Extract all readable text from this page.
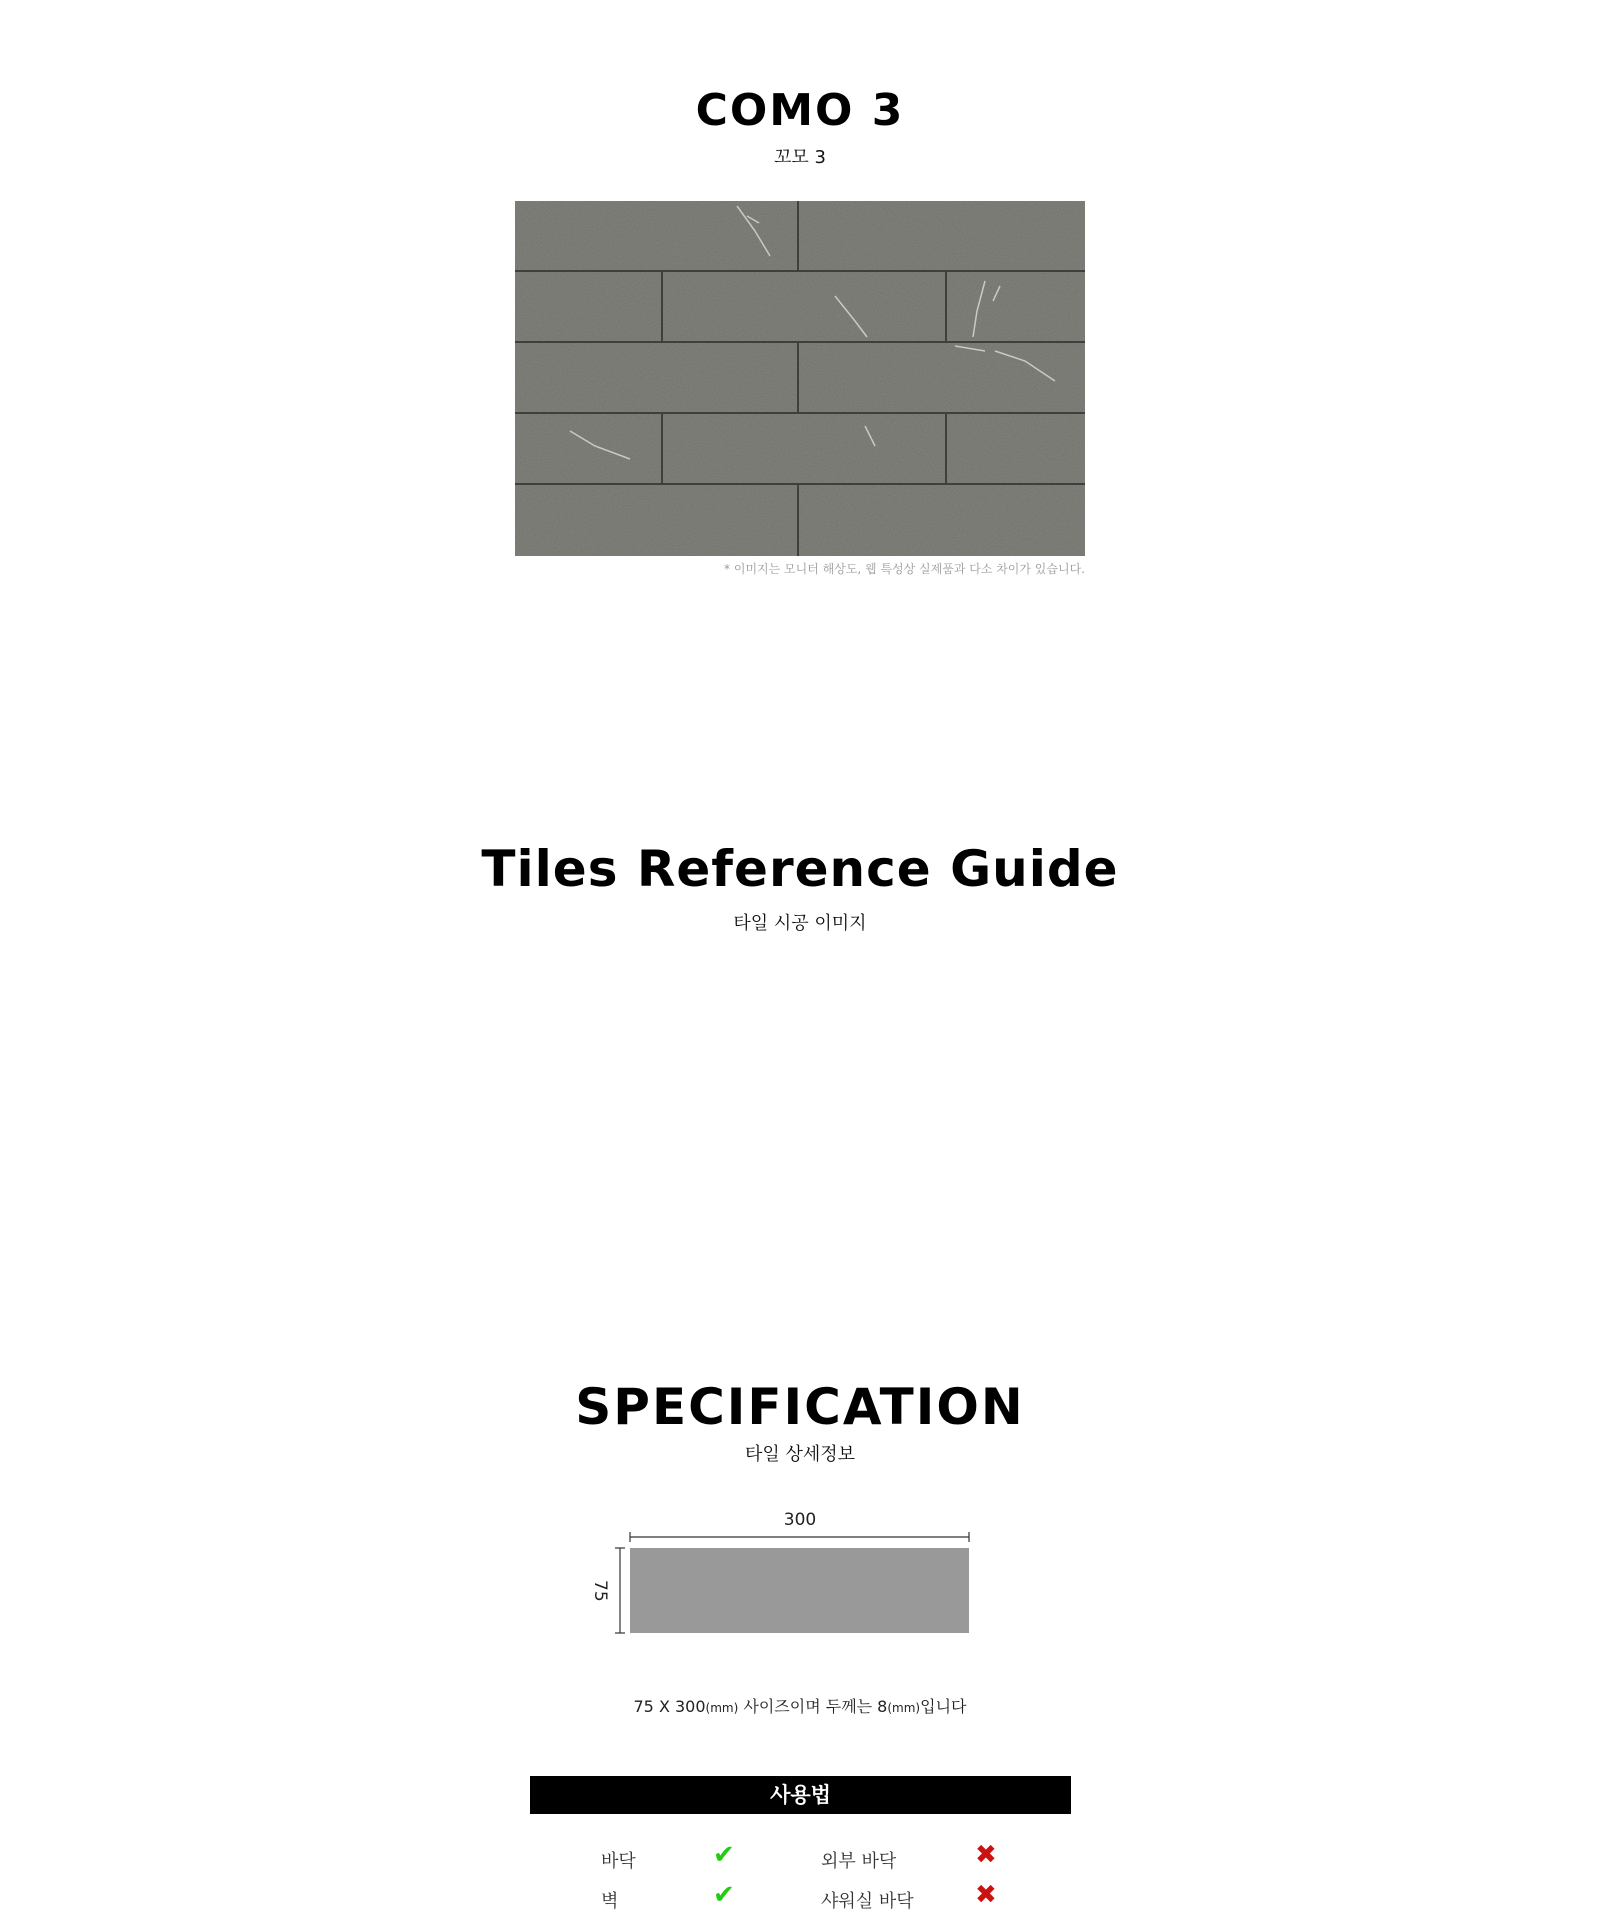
COMO 3
꼬모 3
* 이미지는 모니터 해상도, 웹 특성상 실제품과 다소 차이가 있습니다.
Tiles Reference Guide
타일 시공 이미지
SPECIFICATION
타일 상세정보
300
75
75 X 300(mm) 사이즈이며 두께는 8(mm)입니다
사용법
바닥	✔	외부 바닥	✖
벽	✔	샤워실 바닥 ✖
